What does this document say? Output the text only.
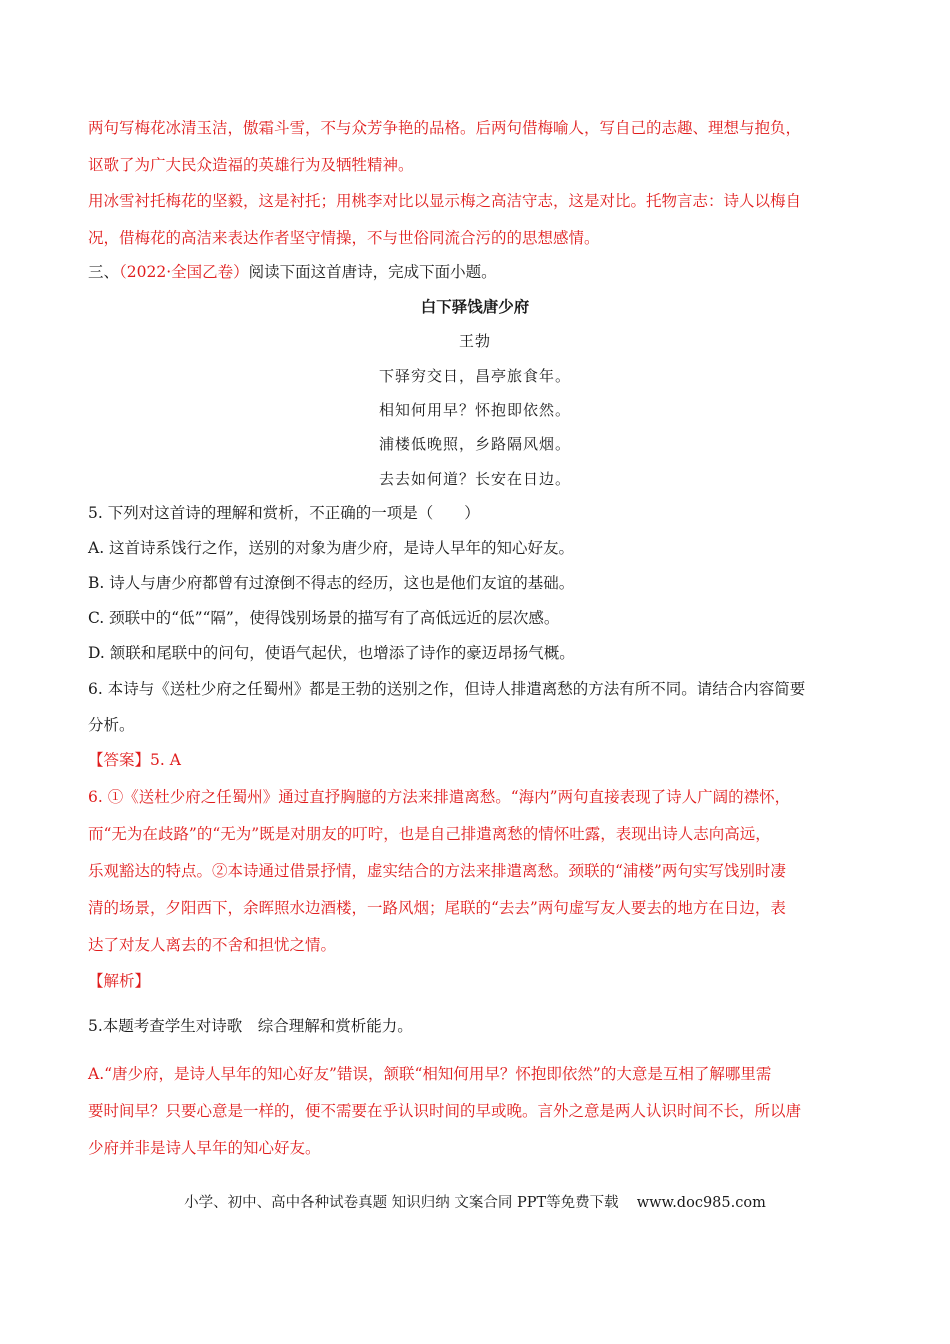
两句写梅花冰清玉洁，傲霜斗雪，不与众芳争艳的品格。后两句借梅喻人，写自己的志趣、理想与抱负，
讴歌了为广大民众造福的英雄行为及牺牲精神。
用冰雪衬托梅花的坚毅，这是衬托；用桃李对比以显示梅之高洁守志，这是对比。托物言志：诗人以梅自
况，借梅花的高洁来表达作者坚守情操，不与世俗同流合污的的思想感情。
三、（2022·全国乙卷）阅读下面这首唐诗，完成下面小题。
白下驿饯唐少府
王勃
下驿穷交日，昌亭旅食年。
相知何用早？怀抱即依然。
浦楼低晚照，乡路隔风烟。
去去如何道？长安在日边。
5. 下列对这首诗的理解和赏析，不正确的一项是（　　）
A. 这首诗系饯行之作，送别的对象为唐少府，是诗人早年的知心好友。
B. 诗人与唐少府都曾有过潦倒不得志的经历，这也是他们友谊的基础。
C. 颈联中的“低”“隔”，使得饯别场景的描写有了高低远近的层次感。
D. 颔联和尾联中的问句，使语气起伏，也增添了诗作的豪迈昂扬气概。
6. 本诗与《送杜少府之任蜀州》都是王勃的送别之作，但诗人排遣离愁的方法有所不同。请结合内容简要
分析。
【答案】5. A
6. ①《送杜少府之任蜀州》通过直抒胸臆的方法来排遣离愁。“海内”两句直接表现了诗人广阔的襟怀，
而“无为在歧路”的“无为”既是对朋友的叮咛，也是自己排遣离愁的情怀吐露，表现出诗人志向高远，
乐观豁达的特点。②本诗通过借景抒情，虚实结合的方法来排遣离愁。颈联的“浦楼”两句实写饯别时凄
清的场景，夕阳西下，余晖照水边酒楼，一路风烟；尾联的“去去”两句虚写友人要去的地方在日边，表
达了对友人离去的不舍和担忧之情。
【解析】
5.本题考查学生对诗歌　综合理解和赏析能力。
A.“唐少府，是诗人早年的知心好友”错误，颔联“相知何用早？怀抱即依然”的大意是互相了解哪里需
要时间早？只要心意是一样的，便不需要在乎认识时间的早或晚。言外之意是两人认识时间不长，所以唐
少府并非是诗人早年的知心好友。
小学、初中、高中各种试卷真题 知识归纳 文案合同 PPT等免费下载 www.doc985.com
